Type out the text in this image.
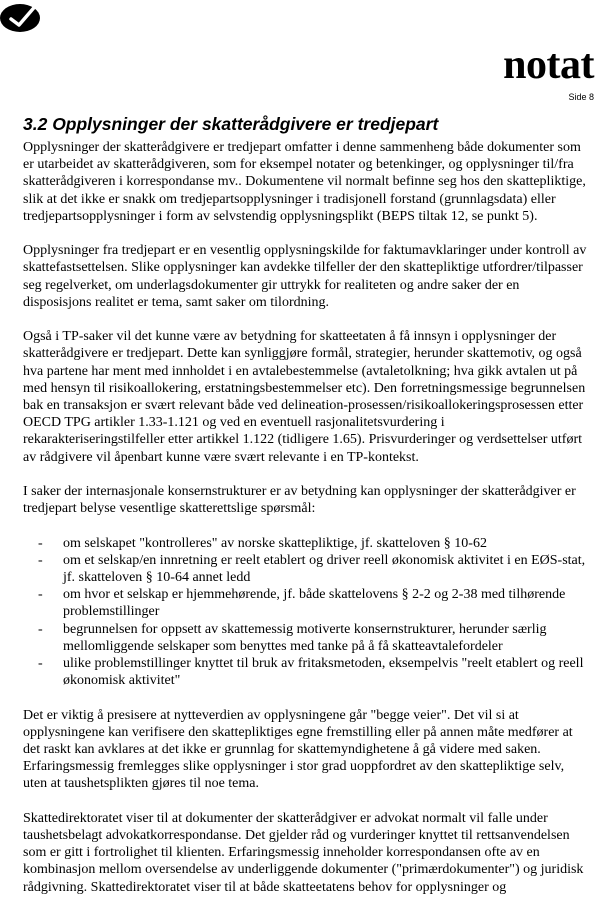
notat
Side 8
3.2 Opplysninger der skatterådgivere er tredjepart

Opplysninger der skatterådgivere er tredjepart omfatter i denne sammenheng både dokumenter som er utarbeidet av skatterådgiveren, som for eksempel notater og betenkinger, og opplysninger til/fra skatterådgiveren i korrespondanse mv.. Dokumentene vil normalt befinne seg hos den skattepliktige, slik at det ikke er snakk om tredjepartsopplysninger i tradisjonell forstand (grunnlagsdata) eller tredjepartsopplysninger i form av selvstendig opplysningsplikt (BEPS tiltak 12, se punkt 5).

Opplysninger fra tredjepart er en vesentlig opplysningskilde for faktumavklaringer under kontroll av skattefastsettelsen. Slike opplysninger kan avdekke tilfeller der den skattepliktige utfordrer/tilpasser seg regelverket, om underlagsdokumenter gir uttrykk for realiteten og andre saker der en disposisjons realitet er tema, samt saker om tilordning.

Også i TP-saker vil det kunne være av betydning for skatteetaten å få innsyn i opplysninger der skatterådgivere er tredjepart. Dette kan synliggjøre formål, strategier, herunder skattemotiv, og også hva partene har ment med innholdet i en avtalebestemmelse (avtaletolkning; hva gikk avtalen ut på med hensyn til risikoallokering, erstatningsbestemmelser etc). Den forretningsmessige begrunnelsen bak en transaksjon er svært relevant både ved delineation-prosessen/risikoallokeringsprosessen etter OECD TPG artikler 1.33-1.121 og ved en eventuell rasjonalitetsvurdering i rekarakteriseringstilfeller etter artikkel 1.122 (tidligere 1.65). Prisvurderinger og verdsettelser utført av rådgivere vil åpenbart kunne være svært relevante i en TP-kontekst.

I saker der internasjonale konsernstrukturer er av betydning kan opplysninger der skatterådgiver er tredjepart belyse vesentlige skatterettslige spørsmål:

- om selskapet "kontrolleres" av norske skattepliktige, jf. skatteloven § 10-62
- om et selskap/en innretning er reelt etablert og driver reell økonomisk aktivitet i en EØS-stat, jf. skatteloven § 10-64 annet ledd
- om hvor et selskap er hjemmehørende, jf. både skattelovens § 2-2 og 2-38 med tilhørende problemstillinger
- begrunnelsen for oppsett av skattemessig motiverte konsernstrukturer, herunder særlig mellomliggende selskaper som benyttes med tanke på å få skatteavtalefordeler
- ulike problemstillinger knyttet til bruk av fritaksmetoden, eksempelvis "reelt etablert og reell økonomisk aktivitet"

Det er viktig å presisere at nytteverdien av opplysningene går "begge veier". Det vil si at opplysningene kan verifisere den skattepliktiges egne fremstilling eller på annen måte medfører at det raskt kan avklares at det ikke er grunnlag for skattemyndighetene å gå videre med saken. Erfaringsmessig fremlegges slike opplysninger i stor grad uoppfordret av den skattepliktige selv, uten at taushetsplikten gjøres til noe tema.

Skattedirektoratet viser til at dokumenter der skatterådgiver er advokat normalt vil falle under taushetsbelagt advokatkorrespondanse. Det gjelder råd og vurderinger knyttet til rettsanvendelsen som er gitt i fortrolighet til klienten. Erfaringsmessig inneholder korrespondansen ofte av en kombinasjon mellom oversendelse av underliggende dokumenter ("primærdokumenter") og juridisk rådgivning. Skattedirektoratet viser til at både skatteetatens behov for opplysninger og
